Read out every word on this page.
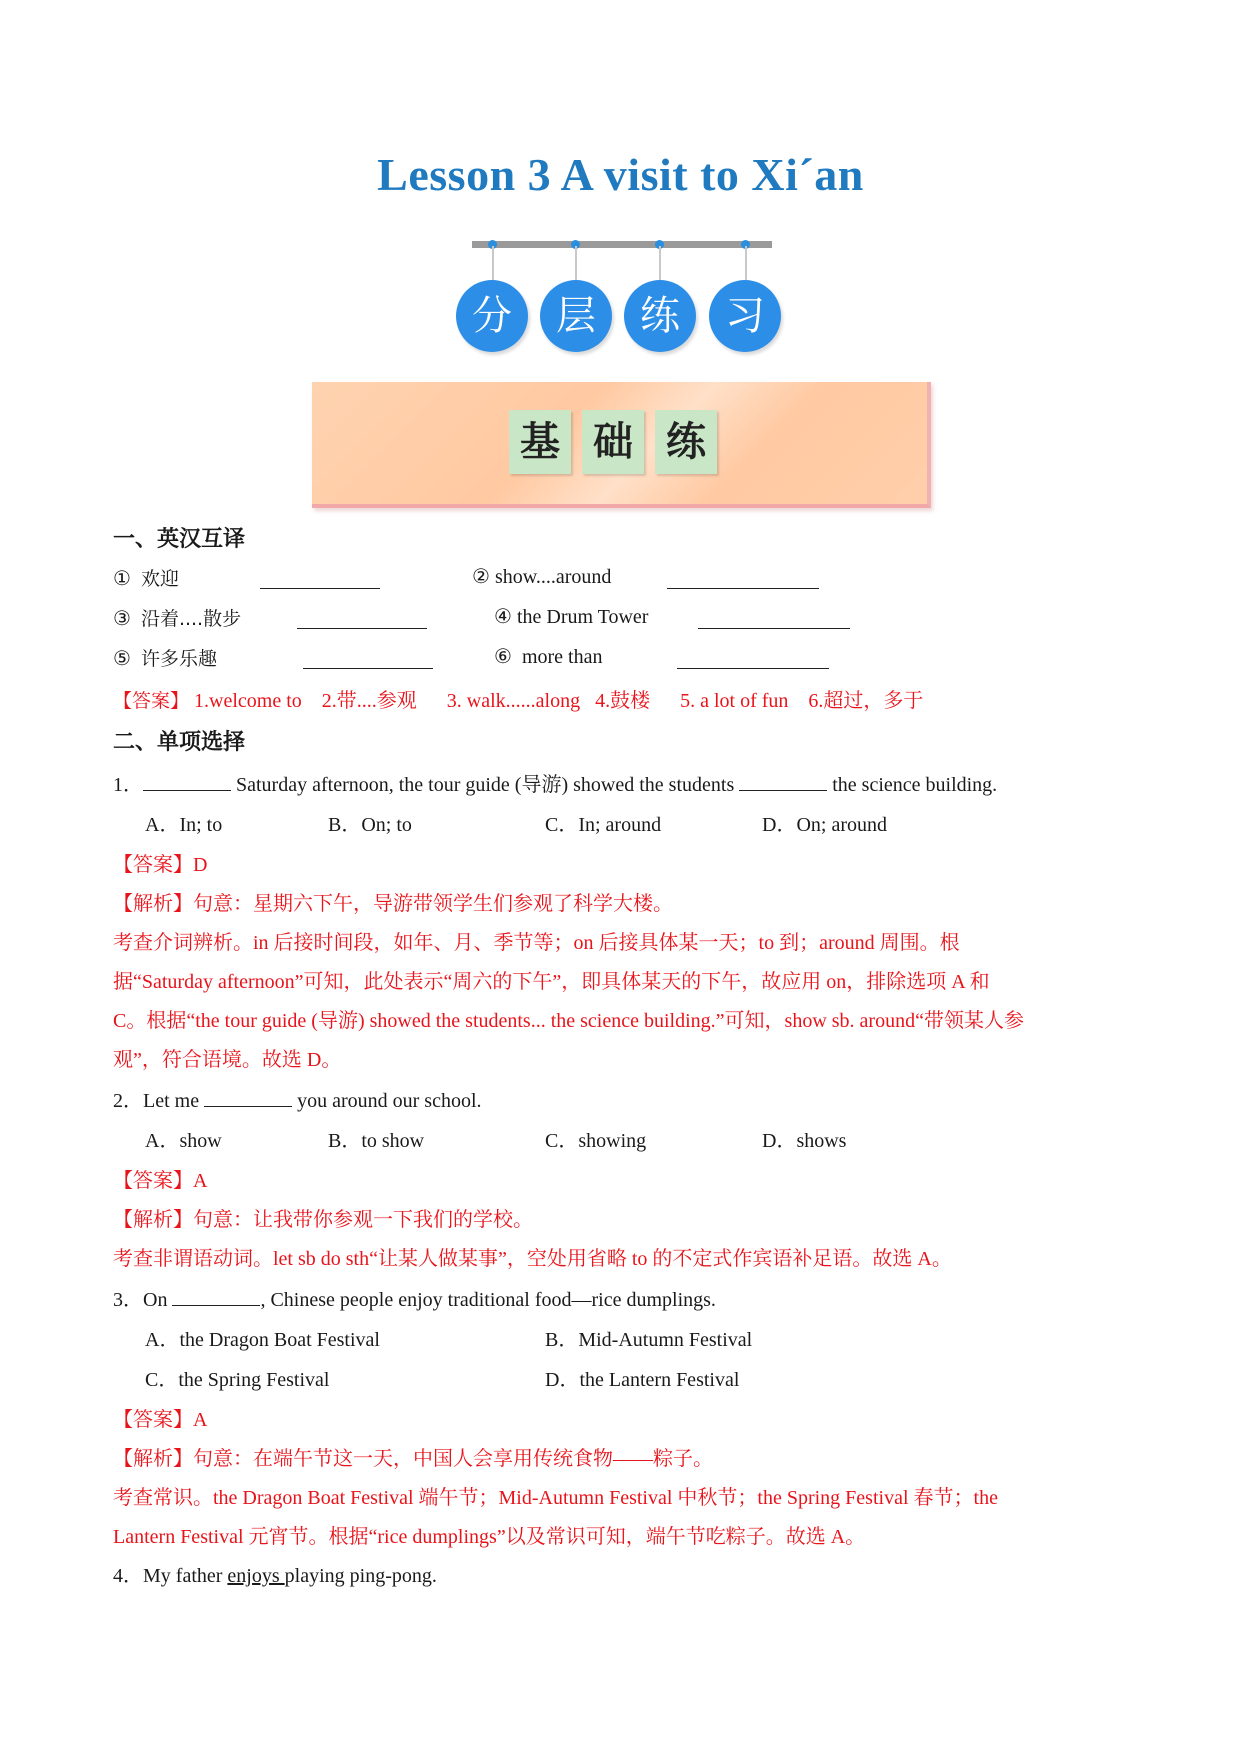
Lesson 3 A visit to Xi´an
分	层	练	习
基 础 练
一、英汉互译
① 欢迎	② show....around
③ 沿着....散步	④ the Drum Tower
⑤ 许多乐趣	⑥ more than
【答案】 1.welcome to 2.带....参观 3. walk......along 4.鼓楼 5. a lot of fun 6.超过，多于
二、单项选择
1．	Saturday afternoon, the tour guide (导游) showed the students	the science building.
A．In; to	B．On; to	C．In; around	D．On; around
【答案】D
【解析】句意：星期六下午，导游带领学生们参观了科学大楼。
考查介词辨析。in 后接时间段，如年、月、季节等；on 后接具体某一天；to 到；around 周围。根
据“Saturday afternoon”可知，此处表示“周六的下午”，即具体某天的下午，故应用 on，排除选项 A 和
C。根据“the tour guide (导游) showed the students... the science building.”可知，show sb. around“带领某人参
观”，符合语境。故选 D。
2．Let me	you around our school.
A．show	B．to show	C．showing	D．shows
【答案】A
【解析】句意：让我带你参观一下我们的学校。
考查非谓语动词。let sb do sth“让某人做某事”，空处用省略 to 的不定式作宾语补足语。故选 A。
3．On	, Chinese people enjoy traditional food—rice dumplings.
A．the Dragon Boat Festival	B．Mid-Autumn Festival
C．the Spring Festival	D．the Lantern Festival
【答案】A
【解析】句意：在端午节这一天，中国人会享用传统食物——粽子。
考查常识。the Dragon Boat Festival 端午节；Mid-Autumn Festival 中秋节；the Spring Festival 春节；the
Lantern Festival 元宵节。根据“rice dumplings”以及常识可知，端午节吃粽子。故选 A。
4．My father enjoys playing ping-pong.
